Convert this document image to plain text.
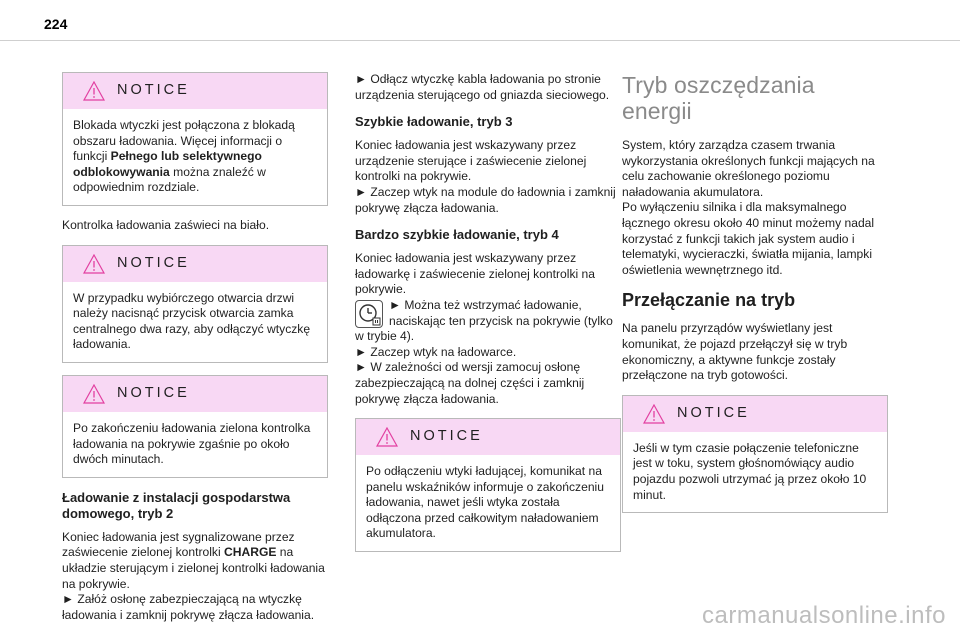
224
NOTICE

Blokada wtyczki jest połączona z blokadą obszaru ładowania. Więcej informacji o funkcji Pełnego lub selektywnego odblokowywania można znaleźć w odpowiednim rozdziale.

Kontrolka ładowania zaświeci na biało.

NOTICE

W przypadku wybiórczego otwarcia drzwi należy nacisnąć przycisk otwarcia zamka centralnego dwa razy, aby odłączyć wtyczkę ładowania.

NOTICE

Po zakończeniu ładowania zielona kontrolka ładowania na pokrywie zgaśnie po około dwóch minutach.

Ładowanie z instalacji gospodarstwa domowego, tryb 2

Koniec ładowania jest sygnalizowane przez zaświecenie zielonej kontrolki CHARGE na układzie sterującym i zielonej kontrolki ładowania na pokrywie.

► Załóż osłonę zabezpieczającą na wtyczkę ładowania i zamknij pokrywę złącza ładowania.

► Odłącz wtyczkę kabla ładowania po stronie urządzenia sterującego od gniazda sieciowego.

Szybkie ładowanie, tryb 3

Koniec ładowania jest wskazywany przez urządzenie sterujące i zaświecenie zielonej kontrolki na pokrywie.

► Zaczep wtyk na module do ładownia i zamknij pokrywę złącza ładowania.

Bardzo szybkie ładowanie, tryb 4

Koniec ładowania jest wskazywany przez ładowarkę i zaświecenie zielonej kontrolki na pokrywie.

► Można też wstrzymać ładowanie, naciskając ten przycisk na pokrywie (tylko w trybie 4).

► Zaczep wtyk na ładowarce.

► W zależności od wersji zamocuj osłonę zabezpieczającą na dolnej części i zamknij pokrywę złącza ładowania.

NOTICE

Po odłączeniu wtyki ładującej, komunikat na panelu wskaźników informuje o zakończeniu ładowania, nawet jeśli wtyka została odłączona przed całkowitym naładowaniem akumulatora.

Tryb oszczędzania energii

System, który zarządza czasem trwania wykorzystania określonych funkcji mających na celu zachowanie określonego poziomu naładowania akumulatora.

Po wyłączeniu silnika i dla maksymalnego łącznego okresu około 40 minut możemy nadal korzystać z funkcji takich jak system audio i telematyki, wycieraczki, światła mijania, lampki oświetlenia wewnętrznego itd.

Przełączanie na tryb

Na panelu przyrządów wyświetlany jest komunikat, że pojazd przełączył się w tryb ekonomiczny, a aktywne funkcje zostały przełączone na tryb gotowości.

NOTICE

Jeśli w tym czasie połączenie telefoniczne jest w toku, system głośnomówiący audio pojazdu pozwoli utrzymać ją przez około 10 minut.

carmanualsonline.info
